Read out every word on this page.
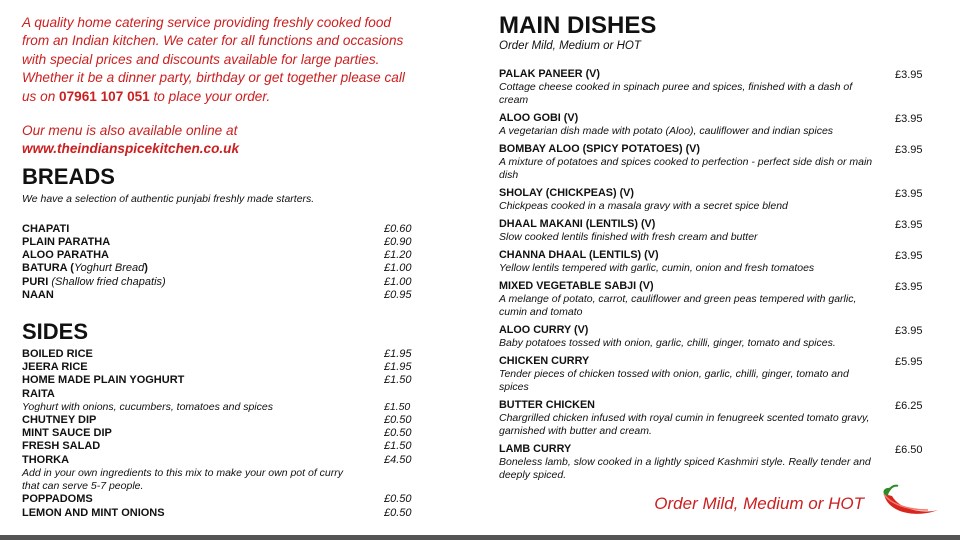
A quality home catering service providing freshly cooked food from an Indian kitchen. We cater for all functions and occasions with special prices and discounts available for large parties.

Whether it be a dinner party, birthday or get together please call us on 07961 107 051 to place your order.

Our menu is also available online at

www.theindianspicekitchen.co.uk

BREADS
We have a selection of authentic punjabi freshly made starters.
CHAPATI	£0.60
PLAIN PARATHA	£0.90
ALOO PARATHA	£1.20
BATURA (Yoghurt Bread)	£1.00
PURI (Shallow fried chapatis)	£1.00
NAAN	£0.95
SIDES
BOILED RICE	£1.95
JEERA RICE	£1.95
HOME MADE PLAIN YOGHURT	£1.50
RAITA
Yoghurt with onions, cucumbers, tomatoes and spices	£1.50
CHUTNEY DIP	£0.50
MINT SAUCE DIP	£0.50
FRESH SALAD	£1.50
THORKA	£4.50
Add in your own ingredients to this mix to make your own pot of curry that can serve 5-7 people.
POPPADOMS	£0.50
LEMON AND MINT ONIONS	£0.50
MAIN DISHES
Order Mild, Medium or HOT
PALAK PANEER (V)
Cottage cheese cooked in spinach puree and spices, finished with a dash of cream
£3.95
ALOO GOBI (V)
A vegetarian dish made with potato (Aloo), cauliflower and indian spices
£3.95
BOMBAY ALOO (SPICY POTATOES) (V)
A mixture of potatoes and spices cooked to perfection - perfect side dish or main dish
£3.95
SHOLAY (CHICKPEAS) (V)
Chickpeas cooked in a masala gravy with a secret spice blend
£3.95
DHAAL MAKANI (LENTILS) (V)
Slow cooked lentils finished with fresh cream and butter
£3.95
CHANNA DHAAL (LENTILS) (V)
Yellow lentils tempered with garlic, cumin, onion and fresh tomatoes
£3.95
MIXED VEGETABLE SABJI (V)
A melange of potato, carrot, cauliflower and green peas tempered with garlic, cumin and tomato
£3.95
ALOO CURRY (V)
Baby potatoes tossed with onion, garlic, chilli, ginger, tomato and spices.
£3.95
CHICKEN CURRY
Tender pieces of chicken tossed with onion, garlic, chilli, ginger, tomato and spices
£5.95
BUTTER CHICKEN
Chargrilled chicken infused with royal cumin in fenugreek scented tomato gravy, garnished with butter and cream.
£6.25
LAMB CURRY
Boneless lamb, slow cooked in a lightly spiced Kashmiri style. Really tender and deeply spiced.
£6.50
Order Mild, Medium or HOT
